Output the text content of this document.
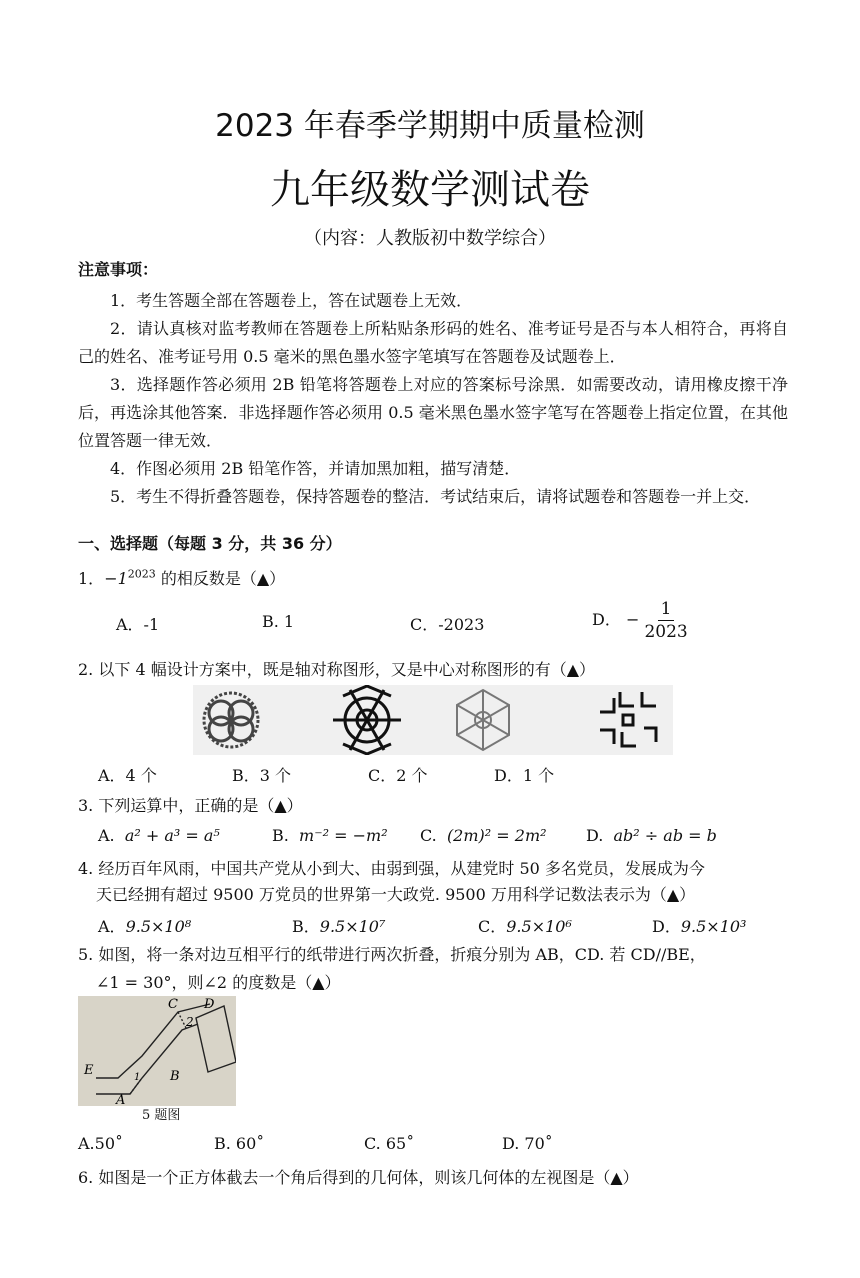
2023 年春季学期期中质量检测
九年级数学测试卷
（内容：人教版初中数学综合）
注意事项：

1．考生答题全部在答题卷上，答在试题卷上无效．

2．请认真核对监考教师在答题卷上所粘贴条形码的姓名、准考证号是否与本人相符合，再将自己的姓名、准考证号用 0.5 毫米的黑色墨水签字笔填写在答题卷及试题卷上．

3．选择题作答必须用 2B 铅笔将答题卷上对应的答案标号涂黑．如需要改动，请用橡皮擦干净后，再选涂其他答案．非选择题作答必须用 0.5 毫米黑色墨水签字笔写在答题卷上指定位置，在其他位置答题一律无效．

4．作图必须用 2B 铅笔作答，并请加黑加粗，描写清楚．

5．考生不得折叠答题卷，保持答题卷的整洁．考试结束后，请将试题卷和答题卷一并上交．

一、选择题（每题 3 分，共 36 分）
1．$-1^{2023}$ 的相反数是（▲）
A．-1	B. 1	C．-2023	D． − $\frac{1}{2023}$
2. 以下 4 幅设计方案中，既是轴对称图形，又是中心对称图形的有（▲）
A．4 个	B．3 个	C．2 个	D．1 个
3. 下列运算中，正确的是（▲）
A. a² + a³ = a⁵	B. m⁻² = −m² C. (2m)² = 2m² D. ab² ÷ ab = b
4. 经历百年风雨，中国共产党从小到大、由弱到强，从建党时 50 多名党员，发展成为今
天已经拥有超过 9500 万党员的世界第一大政党. 9500 万用科学记数法表示为（▲）
A．9.5×10⁸	B．9.5×10⁷	C．9.5×10⁶	D．9.5×10³
5. 如图，将一条对边互相平行的纸带进行两次折叠，折痕分别为 AB，CD. 若 CD//BE，
∠1 = 30°，则∠2 的度数是（▲）
C D
2
E	1 B
A
5 题图
A.50˚	B. 60˚	C. 65˚	D. 70˚
6. 如图是一个正方体截去一个角后得到的几何体，则该几何体的左视图是（▲）
